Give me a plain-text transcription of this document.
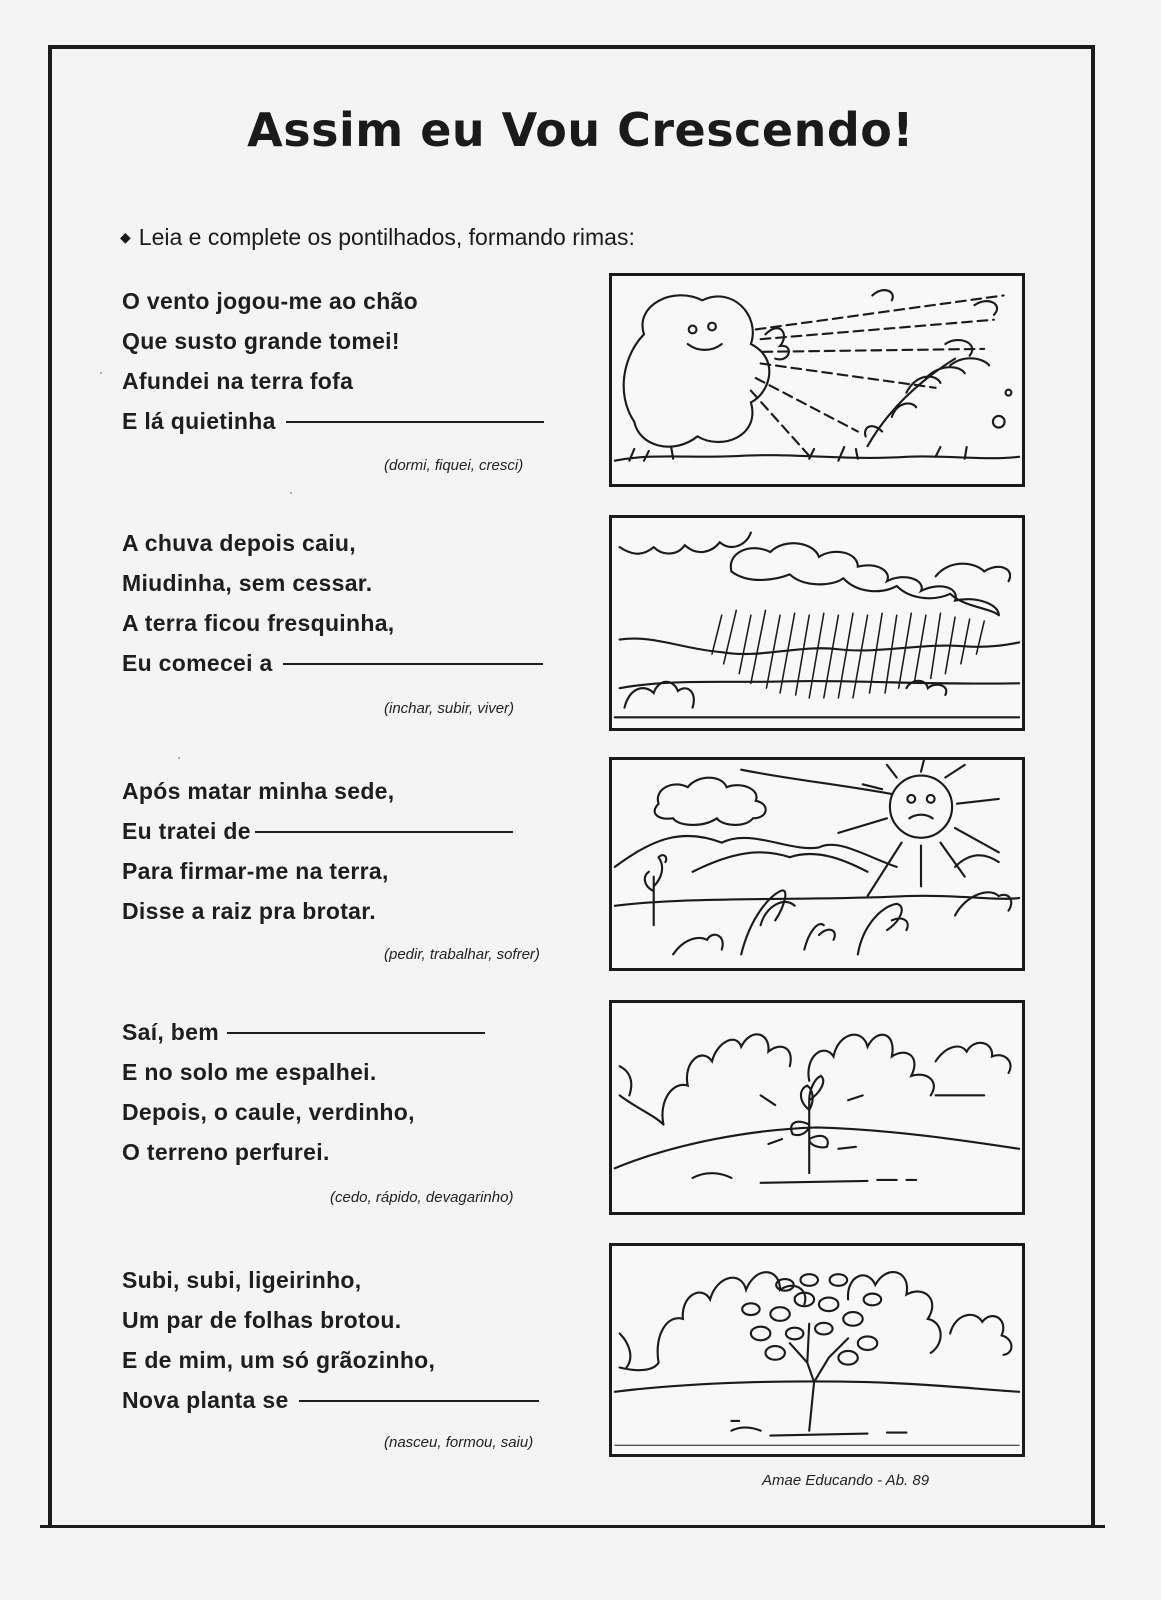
Assim eu Vou Crescendo!
◆ Leia e complete os pontilhados, formando rimas:
O vento jogou-me ao chão
Que susto grande tomei!
Afundei na terra fofa
E lá quietinha
(dormi, fiquei, cresci)
A chuva depois caiu,
Miudinha, sem cessar.
A terra ficou fresquinha,
Eu comecei a
(inchar, subir, viver)
Após matar minha sede,
Eu tratei de
Para firmar-me na terra,
Disse a raiz pra brotar.
(pedir, trabalhar, sofrer)
Saí, bem
E no solo me espalhei.
Depois, o caule, verdinho,
O terreno perfurei.
(cedo, rápido, devagarinho)
Subi, subi, ligeirinho,
Um par de folhas brotou.
E de mim, um só grãozinho,
Nova planta se
(nasceu, formou, saiu)
Amae Educando - Ab. 89
